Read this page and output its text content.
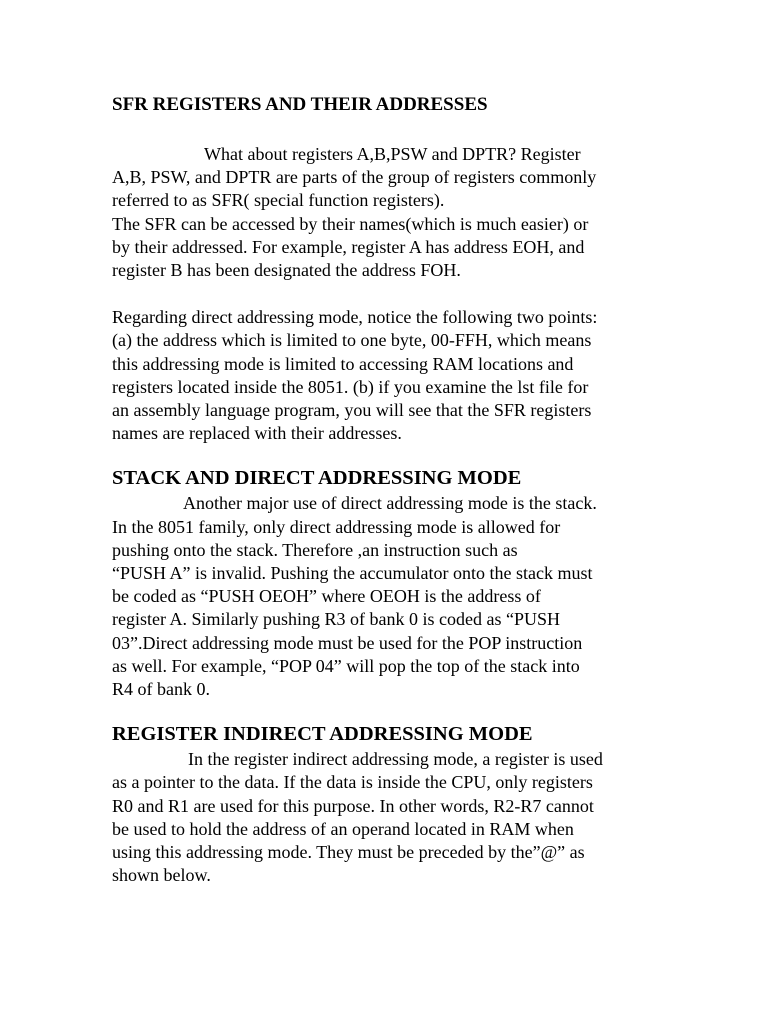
SFR REGISTERS AND THEIR ADDRESSES

What about registers A,B,PSW and DPTR? Register
A,B, PSW, and DPTR are parts of the group of registers commonly
referred to as SFR( special function registers).
The SFR can be accessed by their names(which is much easier) or
by their addressed. For example, register A has address EOH, and
register B has been designated the address FOH.

Regarding direct addressing mode, notice the following two points:
(a) the address which is limited to one byte, 00-FFH, which means
this addressing mode is limited to accessing RAM locations and
registers located inside the 8051. (b) if you examine the lst file for
an assembly language program, you will see that the SFR registers
names are replaced with their addresses.

STACK AND DIRECT ADDRESSING MODE

Another major use of direct addressing mode is the stack.
In the 8051 family, only direct addressing mode is allowed for
pushing onto the stack. Therefore ,an instruction such as
“PUSH A” is invalid. Pushing the accumulator onto the stack must
be coded as “PUSH OEOH” where OEOH is the address of
register A. Similarly pushing R3 of bank 0 is coded as “PUSH
03”.Direct addressing mode must be used for the POP instruction
as well. For example, “POP 04” will pop the top of the stack into
R4 of bank 0.

REGISTER INDIRECT ADDRESSING MODE

In the register indirect addressing mode, a register is used
as a pointer to the data. If the data is inside the CPU, only registers
R0 and R1 are used for this purpose. In other words, R2-R7 cannot
be used to hold the address of an operand located in RAM when
using this addressing mode. They must be preceded by the”@” as
shown below.
